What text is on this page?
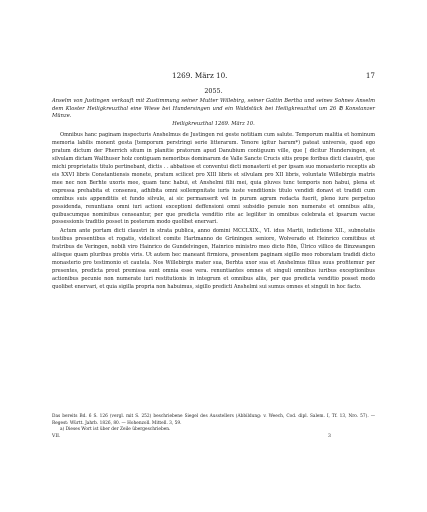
1269. März 10.	17
2055.
Anselm von Justingen verkauft mit Zustimmung seiner Mutter Willebirg, seiner Gattin Bertha und seines Sohnes Anselm dem Kloster Heiligkreuzthal eine Wiese bei Hundersingen und ein Waldstück bei Heiligkreuzthal um 26 ℔ Konstanzer Münze.
Heiligkreuzthal 1269. März 10.

Omnibus hanc paginam inspecturis Anshelmus de Justingen rei geste notitiam cum salute. Temporum malitia et hominum memoria labilis monent gesta [temporum perstringi serie litterarum. Tenore igitur harum*) pateat universis, quod ego pratum dictum der Pherrich situm in planitie pratorum apud Danubium contiguum ville, que [ dicitur Hundersingen, et silvulam dictam Walthuser holz contiguam nemoribus dominarum de Valle Sancte Crucis sitis prope foribus dicti claustri, que michi proprietatis titulo pertinebant, dictis . . abbatisse et conventui dicti monasterii et per ipsam suo monasterio receptis ab eis XXVI libris Constantiensis monete, pratum scilicet pro XIII libris et silvulam pro XII libris, voluntate Willebirgis matris mee nec non Berhte uxoris mee, quam tunc habui, et Anshelmi filii mei, quia pluves tunc temporis non habui, plena et expressa prehabita et consensu, adhibita omni sollempnitate iuris iuste venditionis titulo vendidi donavi et tradidi cum omnibus suis appenditiis et fundo silvule, ai sic permanserit vel in purum agrum redacta fuerit, pleno iure perpetuo possidenda, renuntians omni iuri actioni exceptioni deffensioni omni subsidio penuie non numerate et omnibus aliis, quibuscumque nominibus censeantur, per que predicta venditio rite ac legiliter in omnibus celebrata et ipsarum vacue possessionis traditio posset in posterum modo quolibet enervari.

Actum ante portam dicti claustri in strata publica, anno domini MCCLXIX., VI. idus Martii, indictione XII., subnotatis testibus presentibus et rogatis, videlicet comite Hartmanno de Grüningen seniore, Wolverado et Heinrico comitibus et fratribus de Veringen, nobili viro Hainrico de Gundelvingen, Hainrico ministro meo dicto Rön, Ülrico villico de Binzwangen aliisque quam pluribus probis viris. Ut autem hec maneant firmiora, presentem paginam sigillo meo roboratam tradidi dicto monasterio pro testimonio et cautela. Nos Willebirgis mater sua, Berhta uxor sua et Anshelmus filius suus profitemur per presentes, predicta prout premissa sunt omnia esse vera. renuntiantes omnes et singuli omnibus iuribus exceptionibus actionibus pecunie non numerate iuri restitutionis in integrum et omnibus aliis, per que predicta venditio posset modo quolibet enervari, et quia sigilla propria non habuimus, sigillo predicti Anshelmi sui sumus omnes et singuli in hoc facto.

Das bereits Bd. 6 S. 126 (vergl. mit S. 252) beschriebene Siegel des Ausstellers (Abbildung: v. Weech, Cod. dipl. Salem. I, Tf. 13, Nro. 57). — Regest: Württ. Jahrb. 1826, 80. — Hohenzoll. Mittell. 3, 59.

a) Dieses Wort ist über der Zeile übergeschrieben.

VII.	3
